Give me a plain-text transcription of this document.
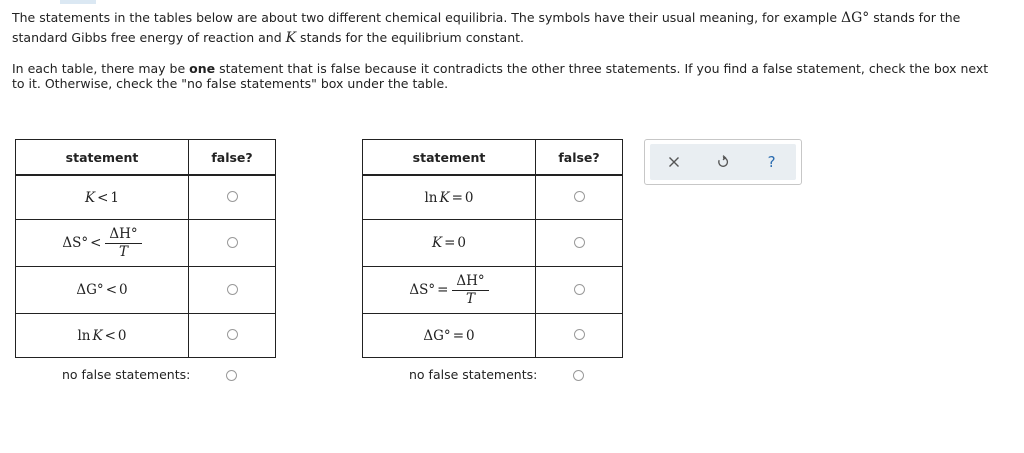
The statements in the tables below are about two different chemical equilibria. The symbols have their usual meaning, for example ΔG° stands for the standard Gibbs free energy of reaction and K stands for the equilibrium constant.

In each table, there may be one statement that is false because it contradicts the other three statements. If you find a false statement, check the box next to it. Otherwise, check the "no false statements" box under the table.

statement	false?

K < 1	

$\Delta S^\circ < \frac{\Delta H^\circ}{T}$

ΔG° < 0	

ln K < 0	

no false statements:
statement	false?

ln K = 0	

K = 0	

$\Delta S^\circ = \frac{\Delta H^\circ}{T}$

ΔG° = 0	

no false statements:
?
